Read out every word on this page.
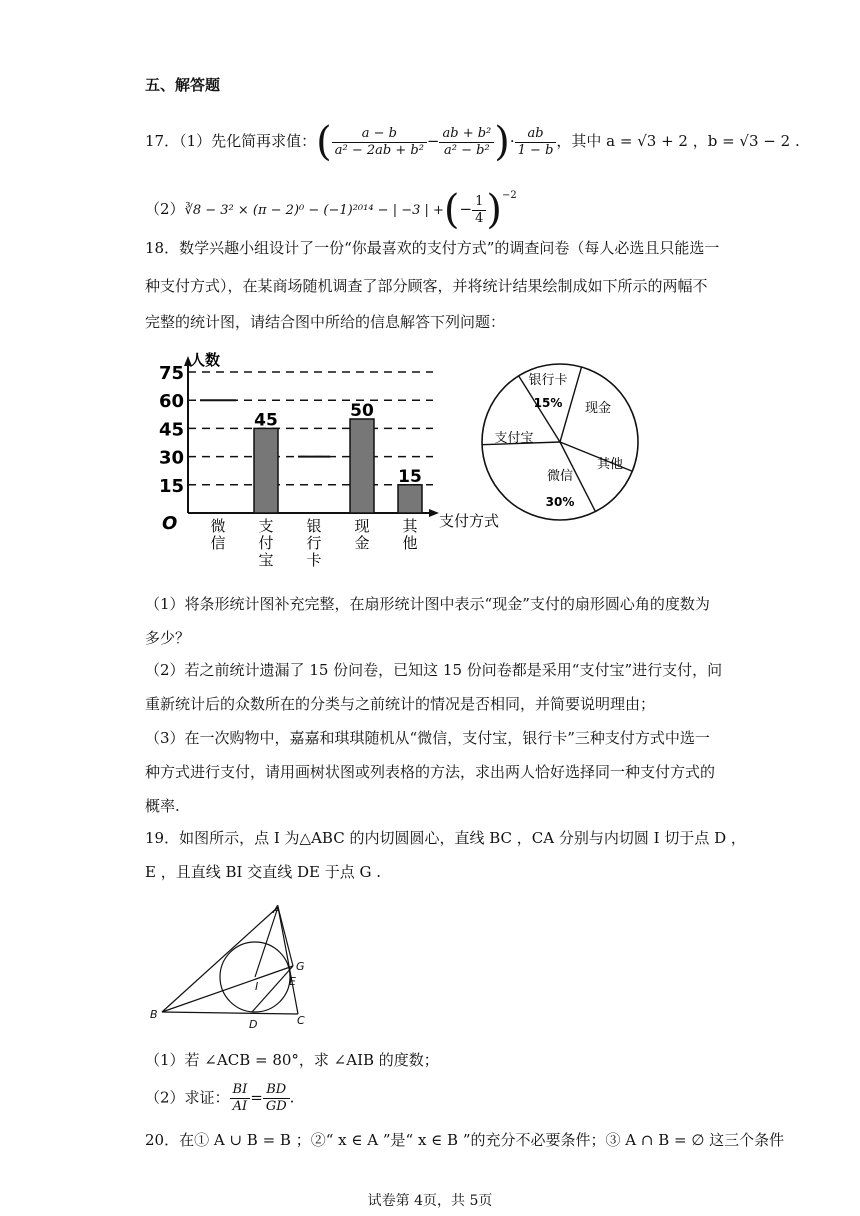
五、解答题
17．（1）先化简再求值：( $\frac{a - b}{\text{a² − 2ab + b²}} - \frac{\text{ab + b²}}{\text{a² − b²}}$ )· $\frac{ab}{1 - b}$ ，其中 a = √3 + 2 ，b = √3 − 2 .
（2）∛8 − 3² × (π − 2)⁰ − (−1)²⁰¹⁴ − | −3 | +(− $\frac{1}{4} )^{-2}$
18．数学兴趣小组设计了一份“你最喜欢的支付方式”的调查问卷（每人必选且只能选一
种支付方式），在某商场随机调查了部分顾客，并将统计结果绘制成如下所示的两幅不
完整的统计图，请结合图中所给的信息解答下列问题：
人数
支付方式
O
15
30
45
60
75
45	50
15
微
信
支
付
宝
银
行
卡
现
金
其
他
银行卡
15% 现金
其他
微信
30%
支付宝
（1）将条形统计图补充完整，在扇形统计图中表示“现金”支付的扇形圆心角的度数为
多少？
（2）若之前统计遗漏了 15 份问卷，已知这 15 份问卷都是采用“支付宝”进行支付，问
重新统计后的众数所在的分类与之前统计的情况是否相同，并简要说明理由；
（3）在一次购物中，嘉嘉和琪琪随机从“微信，支付宝，银行卡”三种支付方式中选一
种方式进行支付，请用画树状图或列表格的方法，求出两人恰好选择同一种支付方式的
概率.
19．如图所示，点 I 为△ABC 的内切圆圆心，直线 BC ，CA 分别与内切圆 I 切于点 D ，
E ，且直线 BI 交直线 DE 于点 G .
A
B	C
D
E
G
I
（1）若 ∠ACB = 80°，求 ∠AIB 的度数；
（2）求证： $\frac{BI}{AI} = \frac{BD}{GD}$ .
20．在① A ∪ B = B ；②“ x ∈ A ”是“ x ∈ B ”的充分不必要条件；③ A ∩ B = ∅ 这三个条件
试卷第 4页，共 5页
